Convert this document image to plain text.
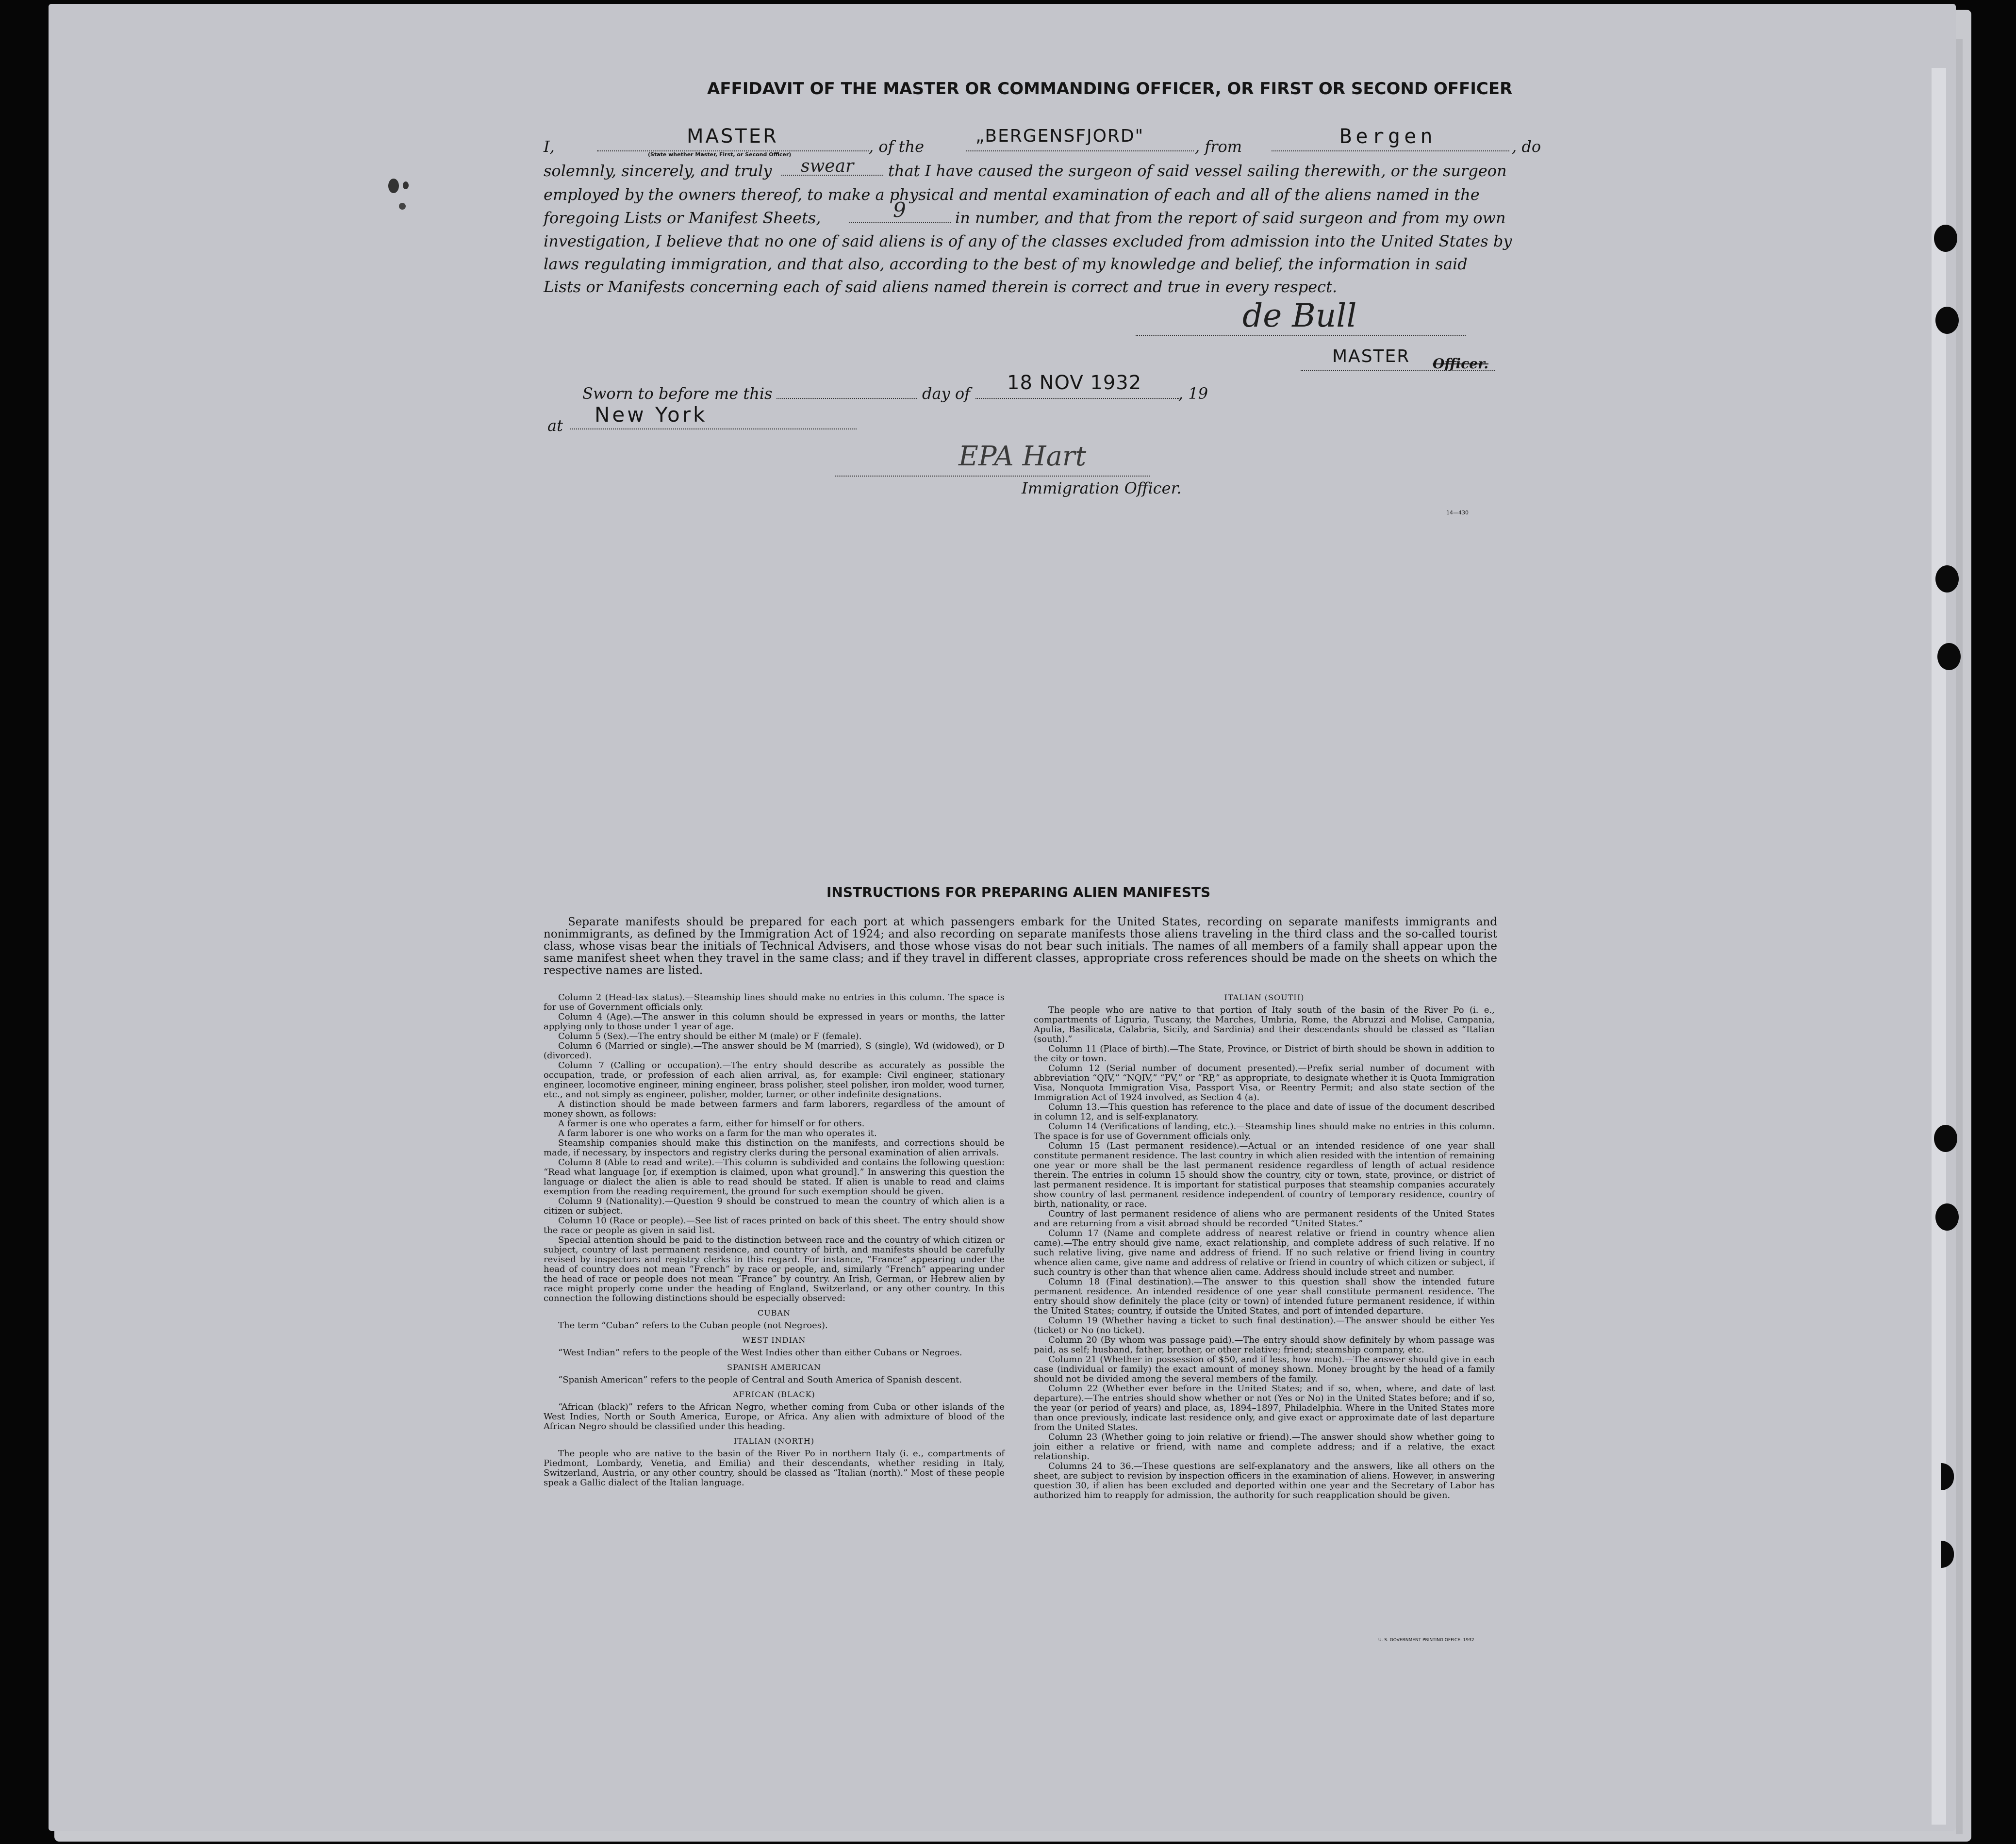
AFFIDAVIT OF THE MASTER OR COMMANDING OFFICER, OR FIRST OR SECOND OFFICER
I,	MASTER
(State whether Master, First, or Second Officer)	, of the
„BERGENSFJORD"
, from	Bergen	, do
solemnly, sincerely, and truly swear that I have caused the surgeon of said vessel sailing therewith, or the surgeon
employed by the owners thereof, to make a physical and mental examination of each and all of the aliens named in the
foregoing Lists or Manifest Sheets,	9	in number, and that from the report of said surgeon and from my own
investigation, I believe that no one of said aliens is of any of the classes excluded from admission into the United States by
laws regulating immigration, and that also, according to the best of my knowledge and belief, the information in said
Lists or Manifests concerning each of said aliens named therein is correct and true in every respect.
de Bull
MASTER Officer.
Sworn to before me this	day of 18 NOV 1932 , 19
at New York
EPA Hart
Immigration Officer.
14—430
INSTRUCTIONS FOR PREPARING ALIEN MANIFESTS

Separate manifests should be prepared for each port at which passengers embark for the United States, recording on separate manifests immigrants and nonimmigrants, as defined by the Immigration Act of 1924; and also recording on separate manifests those aliens traveling in the third class and the so-called tourist class, whose visas bear the initials of Technical Advisers, and those whose visas do not bear such initials. The names of all members of a family shall appear upon the same manifest sheet when they travel in the same class; and if they travel in different classes, appropriate cross references should be made on the sheets on which the respective names are listed.

Column 2 (Head-tax status).—Steamship lines should make no entries in this column. The space is for use of Government officials only.

Column 4 (Age).—The answer in this column should be expressed in years or months, the latter applying only to those under 1 year of age.

Column 5 (Sex).—The entry should be either M (male) or F (female).

Column 6 (Married or single).—The answer should be M (married), S (single), Wd (widowed), or D (divorced).

Column 7 (Calling or occupation).—The entry should describe as accurately as possible the occupation, trade, or profession of each alien arrival, as, for example: Civil engineer, stationary engineer, locomotive engineer, mining engineer, brass polisher, steel polisher, iron molder, wood turner, etc., and not simply as engineer, polisher, molder, turner, or other indefinite designations.

A distinction should be made between farmers and farm laborers, regardless of the amount of money shown, as follows:

A farmer is one who operates a farm, either for himself or for others.

A farm laborer is one who works on a farm for the man who operates it.

Steamship companies should make this distinction on the manifests, and corrections should be made, if necessary, by inspectors and registry clerks during the personal examination of alien arrivals.

Column 8 (Able to read and write).—This column is subdivided and contains the following question: “Read what language [or, if exemption is claimed, upon what ground].” In answering this question the language or dialect the alien is able to read should be stated. If alien is unable to read and claims exemption from the reading requirement, the ground for such exemption should be given.

Column 9 (Nationality).—Question 9 should be construed to mean the country of which alien is a citizen or subject.

Column 10 (Race or people).—See list of races printed on back of this sheet. The entry should show the race or people as given in said list.

Special attention should be paid to the distinction between race and the country of which citizen or subject, country of last permanent residence, and country of birth, and manifests should be carefully revised by inspectors and registry clerks in this regard. For instance, “France” appearing under the head of country does not mean “French” by race or people, and, similarly “French” appearing under the head of race or people does not mean “France” by country. An Irish, German, or Hebrew alien by race might properly come under the heading of England, Switzerland, or any other country. In this connection the following distinctions should be especially observed:

CUBAN

The term “Cuban” refers to the Cuban people (not Negroes).

WEST INDIAN

“West Indian” refers to the people of the West Indies other than either Cubans or Negroes.

SPANISH AMERICAN

“Spanish American” refers to the people of Central and South America of Spanish descent.

AFRICAN (BLACK)

“African (black)” refers to the African Negro, whether coming from Cuba or other islands of the West Indies, North or South America, Europe, or Africa. Any alien with admixture of blood of the African Negro should be classified under this heading.

ITALIAN (NORTH)

The people who are native to the basin of the River Po in northern Italy (i. e., compartments of Piedmont, Lombardy, Venetia, and Emilia) and their descendants, whether residing in Italy, Switzerland, Austria, or any other country, should be classed as “Italian (north).” Most of these people speak a Gallic dialect of the Italian language.

ITALIAN (SOUTH)

The people who are native to that portion of Italy south of the basin of the River Po (i. e., compartments of Liguria, Tuscany, the Marches, Umbria, Rome, the Abruzzi and Molise, Campania, Apulia, Basilicata, Calabria, Sicily, and Sardinia) and their descendants should be classed as “Italian (south).”

Column 11 (Place of birth).—The State, Province, or District of birth should be shown in addition to the city or town.

Column 12 (Serial number of document presented).—Prefix serial number of document with abbreviation “QIV,” “NQIV,” “PV,” or “RP,” as appropriate, to designate whether it is Quota Immigration Visa, Nonquota Immigration Visa, Passport Visa, or Reentry Permit; and also state section of the Immigration Act of 1924 involved, as Section 4 (a).

Column 13.—This question has reference to the place and date of issue of the document described in column 12, and is self-explanatory.

Column 14 (Verifications of landing, etc.).—Steamship lines should make no entries in this column. The space is for use of Government officials only.

Column 15 (Last permanent residence).—Actual or an intended residence of one year shall constitute permanent residence. The last country in which alien resided with the intention of remaining one year or more shall be the last permanent residence regardless of length of actual residence therein. The entries in column 15 should show the country, city or town, state, province, or district of last permanent residence. It is important for statistical purposes that steamship companies accurately show country of last permanent residence independent of country of temporary residence, country of birth, nationality, or race.

Country of last permanent residence of aliens who are permanent residents of the United States and are returning from a visit abroad should be recorded “United States.”

Column 17 (Name and complete address of nearest relative or friend in country whence alien came).—The entry should give name, exact relationship, and complete address of such relative. If no such relative living, give name and address of friend. If no such relative or friend living in country whence alien came, give name and address of relative or friend in country of which citizen or subject, if such country is other than that whence alien came. Address should include street and number.

Column 18 (Final destination).—The answer to this question shall show the intended future permanent residence. An intended residence of one year shall constitute permanent residence. The entry should show definitely the place (city or town) of intended future permanent residence, if within the United States; country, if outside the United States, and port of intended departure.

Column 19 (Whether having a ticket to such final destination).—The answer should be either Yes (ticket) or No (no ticket).

Column 20 (By whom was passage paid).—The entry should show definitely by whom passage was paid, as self; husband, father, brother, or other relative; friend; steamship company, etc.

Column 21 (Whether in possession of $50, and if less, how much).—The answer should give in each case (individual or family) the exact amount of money shown. Money brought by the head of a family should not be divided among the several members of the family.

Column 22 (Whether ever before in the United States; and if so, when, where, and date of last departure).—The entries should show whether or not (Yes or No) in the United States before; and if so, the year (or period of years) and place, as, 1894–1897, Philadelphia. Where in the United States more than once previously, indicate last residence only, and give exact or approximate date of last departure from the United States.

Column 23 (Whether going to join relative or friend).—The answer should show whether going to join either a relative or friend, with name and complete address; and if a relative, the exact relationship.

Columns 24 to 36.—These questions are self-explanatory and the answers, like all others on the sheet, are subject to revision by inspection officers in the examination of aliens. However, in answering question 30, if alien has been excluded and deported within one year and the Secretary of Labor has authorized him to reapply for admission, the authority for such reapplication should be given.

U. S. GOVERNMENT PRINTING OFFICE: 1932
